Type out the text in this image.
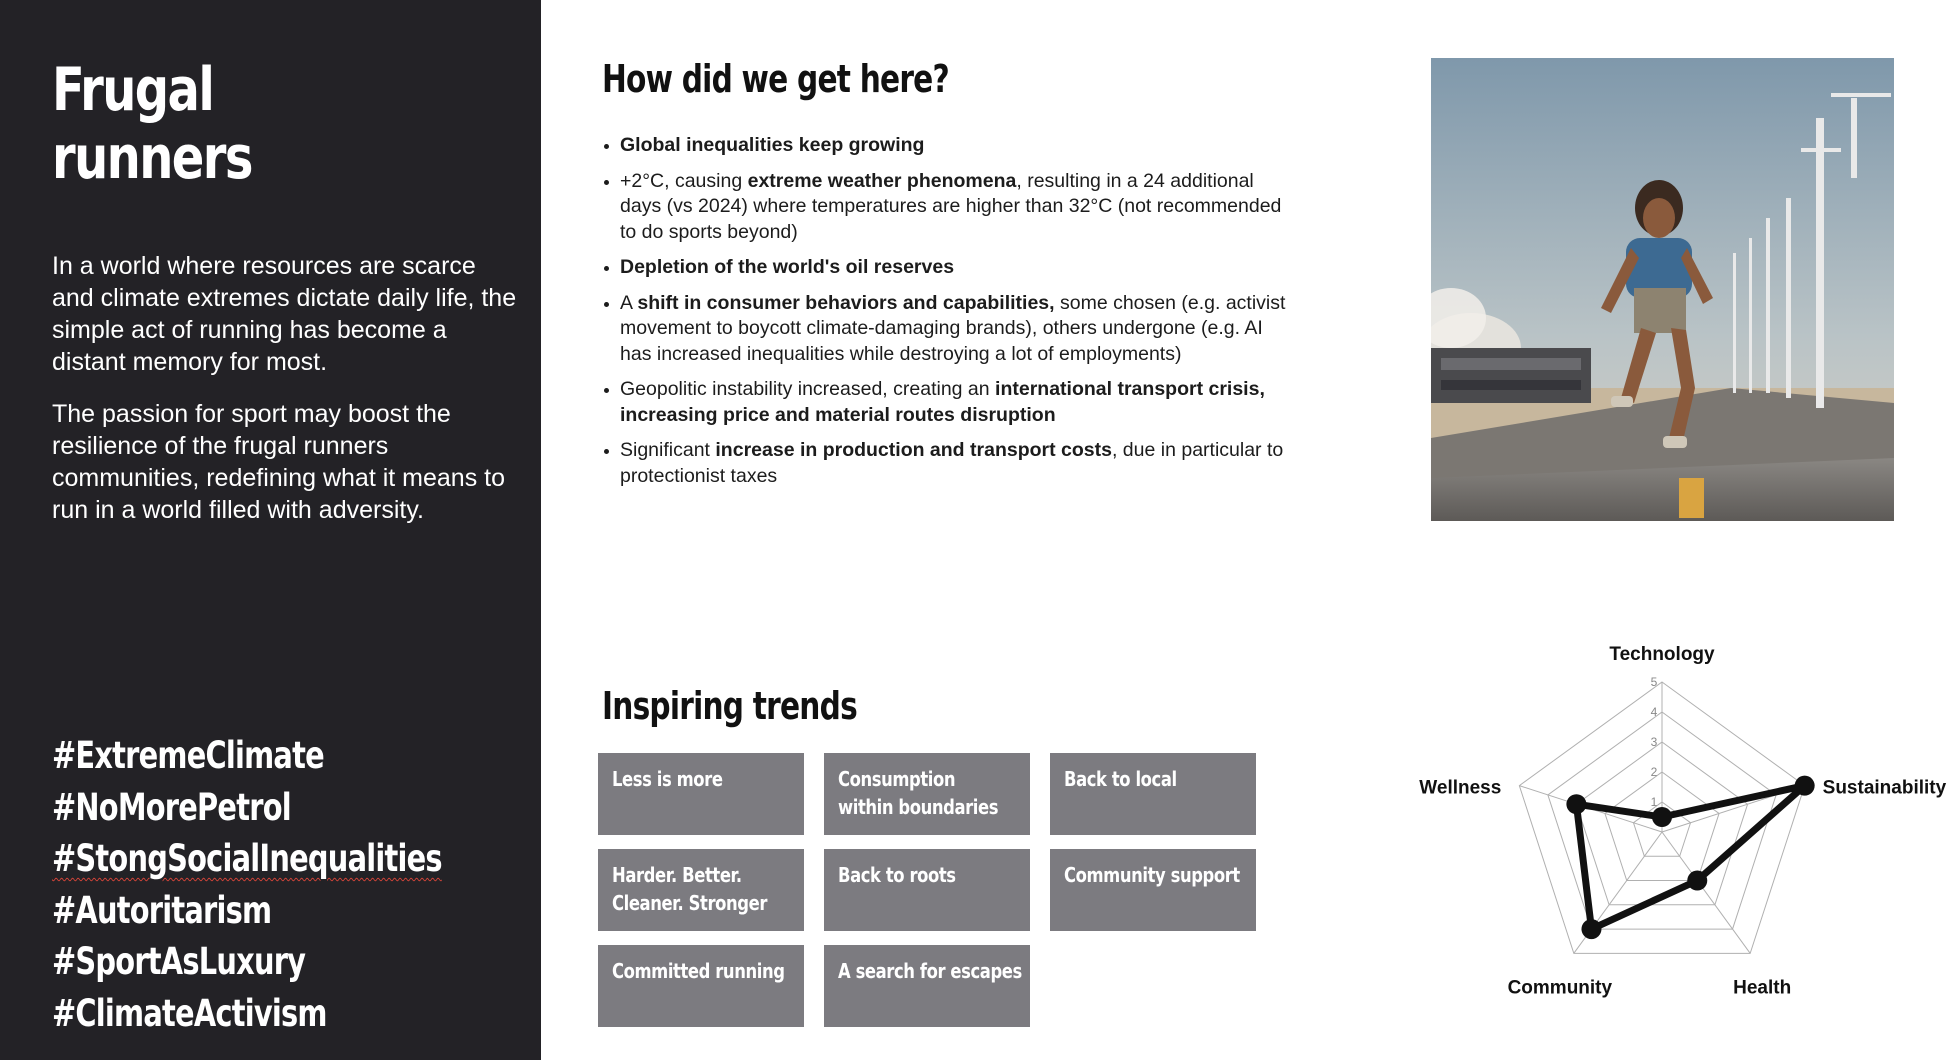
Frugal
runners

In a world where resources are scarce and climate extremes dictate daily life, the simple act of running has become a distant memory for most.

The passion for sport may boost the resilience of the frugal runners communities, redefining what it means to run in a world filled with adversity.

#ExtremeClimate
#NoMorePetrol
#StongSocialInequalities
#Autoritarism
#SportAsLuxury
#ClimateActivism
How did we get here?
Global inequalities keep growing
+2°C, causing extreme weather phenomena, resulting in a 24 additional days (vs 2024) where temperatures are higher than 32°C (not recommended to do sports beyond)
Depletion of the world's oil reserves
A shift in consumer behaviors and capabilities, some chosen (e.g. activist movement to boycott climate-damaging brands), others undergone (e.g. AI has increased inequalities while destroying a lot of employments)
Geopolitic instability increased, creating an international transport crisis, increasing price and material routes disruption
Significant increase in production and transport costs, due in particular to protectionist taxes
Inspiring trends
Less is more	Consumption
within boundaries
Back to local
Harder. Better.
Cleaner. Stronger
Back to roots	Community support
Committed running	A search for escapes
1
2
3
4
5
Technology
Sustainability
Health
Community
Wellness
